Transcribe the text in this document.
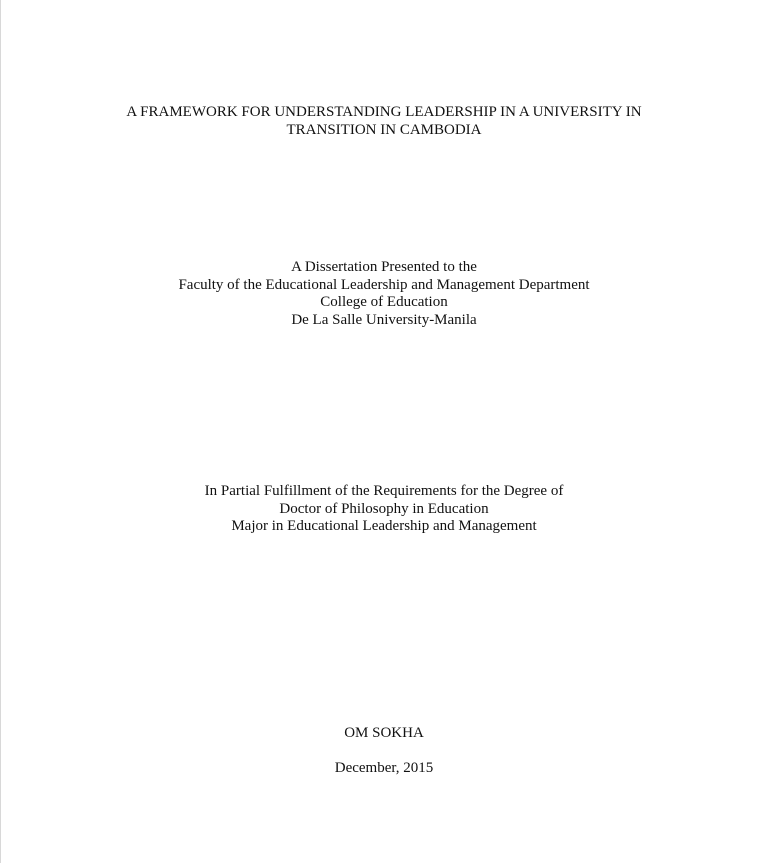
A FRAMEWORK FOR UNDERSTANDING LEADERSHIP IN A UNIVERSITY IN
TRANSITION IN CAMBODIA
A Dissertation Presented to the
Faculty of the Educational Leadership and Management Department
College of Education
De La Salle University-Manila
In Partial Fulfillment of the Requirements for the Degree of
Doctor of Philosophy in Education
Major in Educational Leadership and Management
OM SOKHA
December, 2015
